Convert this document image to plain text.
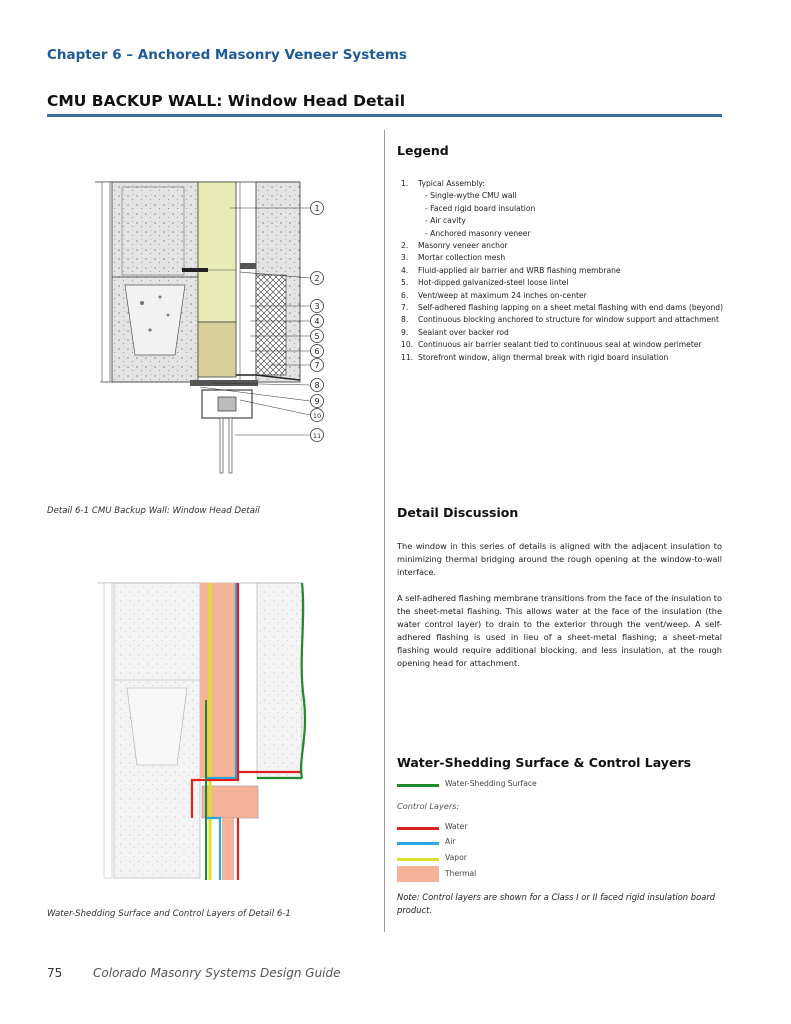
Chapter 6 – Anchored Masonry Veneer Systems
CMU BACKUP WALL: Window Head Detail
1
2
3
4
5
6
7
8
9
10
11
Detail 6-1 CMU Backup Wall: Window Head Detail
Legend
1. Typical Assembly:
- Single-wythe CMU wall
- Faced rigid board insulation
- Air cavity
- Anchored masonry veneer
2. Masonry veneer anchor
3. Mortar collection mesh
4. Fluid-applied air barrier and WRB flashing membrane
5. Hot-dipped galvanized-steel loose lintel
6. Vent/weep at maximum 24 inches on-center
7. Self-adhered flashing lapping on a sheet metal flashing with end dams (beyond)
8. Continuous blocking anchored to structure for window support and attachment
9. Sealant over backer rod
10. Continuous air barrier sealant tied to continuous seal at window perimeter
11. Storefront window, align thermal break with rigid board insulation
Detail Discussion

The window in this series of details is aligned with the adjacent insulation to minimizing thermal bridging around the rough opening at the window-to-wall interface.

A self-adhered flashing membrane transitions from the face of the insulation to the sheet-metal flashing. This allows water at the face of the insulation (the water control layer) to drain to the exterior through the vent/weep. A self-adhered flashing is used in lieu of a sheet-metal flashing; a sheet-metal flashing would require additional blocking, and less insulation, at the rough opening head for attachment.

Water-Shedding Surface and Control Layers of Detail 6-1
Water-Shedding Surface & Control Layers
Water-Shedding Surface
Control Layers:
Water
Air
Vapor
Thermal
Note: Control layers are shown for a Class I or II faced rigid insulation board product.
75	Colorado Masonry Systems Design Guide
